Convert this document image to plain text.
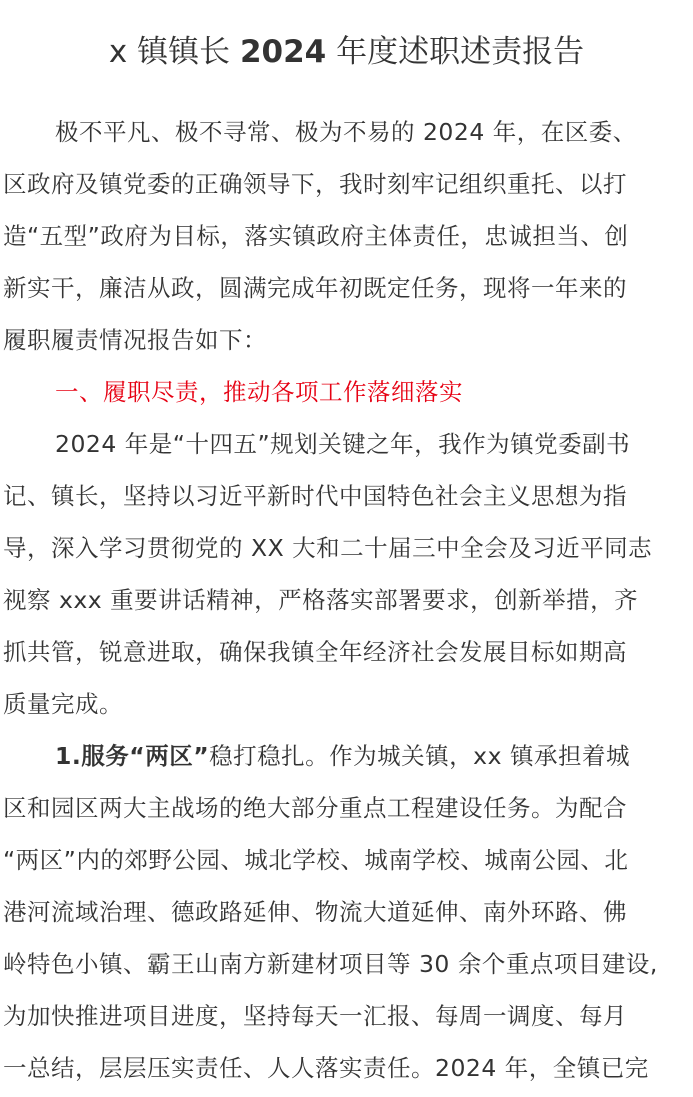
x 镇镇长 2024 年度述职述责报告
极不平凡、极不寻常、极为不易的 2024 年，在区委、
区政府及镇党委的正确领导下，我时刻牢记组织重托、以打
造“五型”政府为目标，落实镇政府主体责任，忠诚担当、创
新实干，廉洁从政，圆满完成年初既定任务，现将一年来的
履职履责情况报告如下：
一、履职尽责，推动各项工作落细落实
2024 年是“十四五”规划关键之年，我作为镇党委副书
记、镇长，坚持以习近平新时代中国特色社会主义思想为指
导，深入学习贯彻党的 XX 大和二十届三中全会及习近平同志
视察 xxx 重要讲话精神，严格落实部署要求，创新举措，齐
抓共管，锐意进取，确保我镇全年经济社会发展目标如期高
质量完成。
1.服务“两区”稳打稳扎。作为城关镇，xx 镇承担着城
区和园区两大主战场的绝大部分重点工程建设任务。为配合
“两区”内的郊野公园、城北学校、城南学校、城南公园、北
港河流域治理、德政路延伸、物流大道延伸、南外环路、佛
岭特色小镇、霸王山南方新建材项目等 30 余个重点项目建设,
为加快推进项目进度，坚持每天一汇报、每周一调度、每月
一总结，层层压实责任、人人落实责任。2024 年，全镇已完
